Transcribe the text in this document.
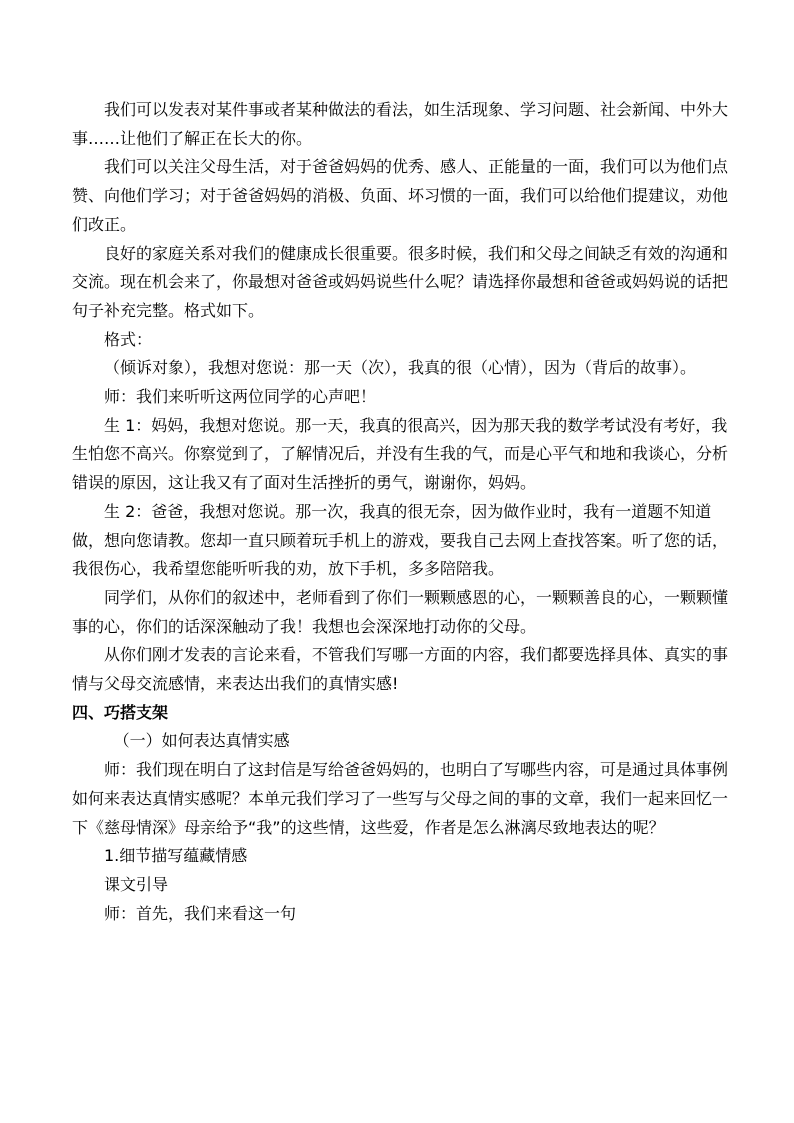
我们可以发表对某件事或者某种做法的看法，如生活现象、学习问题、社会新闻、中外大事……让他们了解正在长大的你。

我们可以关注父母生活，对于爸爸妈妈的优秀、感人、正能量的一面，我们可以为他们点赞、向他们学习；对于爸爸妈妈的消极、负面、坏习惯的一面，我们可以给他们提建议，劝他们改正。

良好的家庭关系对我们的健康成长很重要。很多时候，我们和父母之间缺乏有效的沟通和交流。现在机会来了，你最想对爸爸或妈妈说些什么呢？请选择你最想和爸爸或妈妈说的话把句子补充完整。格式如下。

格式：

（倾诉对象），我想对您说：那一天（次），我真的很（心情），因为（背后的故事）。

师：我们来听听这两位同学的心声吧！

生 1：妈妈，我想对您说。那一天，我真的很高兴，因为那天我的数学考试没有考好，我生怕您不高兴。你察觉到了，了解情况后，并没有生我的气，而是心平气和地和我谈心，分析错误的原因，这让我又有了面对生活挫折的勇气，谢谢你，妈妈。

生 2：爸爸，我想对您说。那一次，我真的很无奈，因为做作业时，我有一道题不知道做，想向您请教。您却一直只顾着玩手机上的游戏，要我自己去网上查找答案。听了您的话，我很伤心，我希望您能听听我的劝，放下手机，多多陪陪我。

同学们，从你们的叙述中，老师看到了你们一颗颗感恩的心，一颗颗善良的心，一颗颗懂事的心，你们的话深深触动了我！我想也会深深地打动你的父母。

从你们刚才发表的言论来看，不管我们写哪一方面的内容，我们都要选择具体、真实的事情与父母交流感情，来表达出我们的真情实感!

四、巧搭支架

（一）如何表达真情实感

师：我们现在明白了这封信是写给爸爸妈妈的，也明白了写哪些内容，可是通过具体事例如何来表达真情实感呢？本单元我们学习了一些写与父母之间的事的文章，我们一起来回忆一下《慈母情深》母亲给予“我”的这些情，这些爱，作者是怎么淋漓尽致地表达的呢？

1.细节描写蕴藏情感

课文引导

师：首先，我们来看这一句
